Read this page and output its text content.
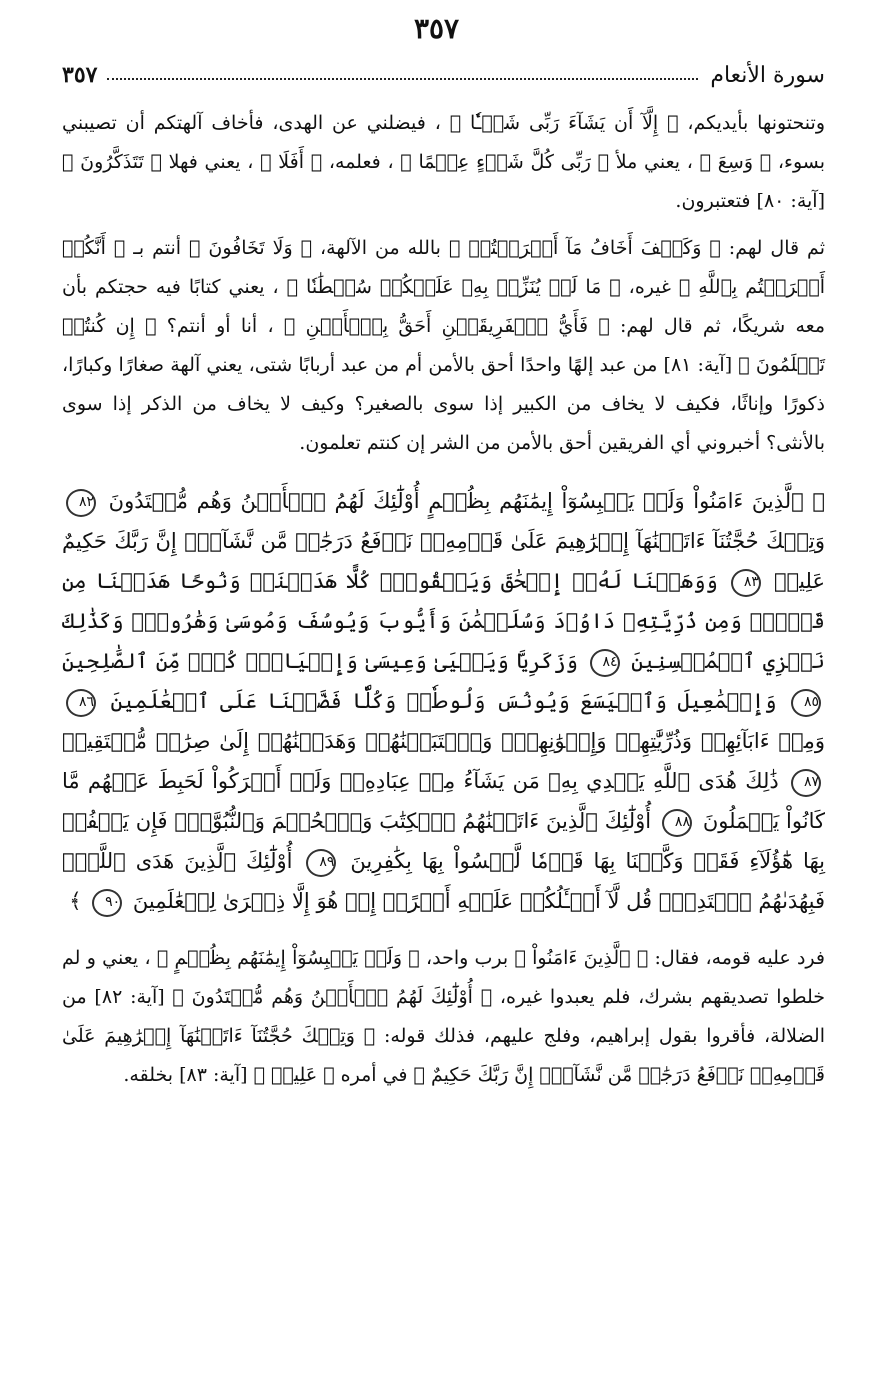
٣٥٧
سورة الأنعام
٣٥٧

وتنحتونها بأيديكم، ﴿ إِلَّآ أَن يَشَآءَ رَبِّى شَيۡـٔٗا ﴾ ، فيضلني عن الهدى، فأخاف آلهتكم أن تصيبني بسوء، ﴿ وَسِعَ ﴾ ، يعني ملأ ﴿ رَبِّى كُلَّ شَىۡءٍ عِلۡمًا ﴾ ، فعلمه، ﴿ أَفَلَا ﴾ ، يعني فهلا ﴿ تَتَذَكَّرُونَ ﴾ [آية: ٨٠] فتعتبرون.

ثم قال لهم: ﴿ وَكَيۡفَ أَخَافُ مَآ أَشۡرَكۡتُمۡ ﴾ بالله من الآلهة، ﴿ وَلَا تَخَافُونَ ﴾ أنتم بـ ﴿ أَنَّكُمۡ أَشۡرَكۡتُم بِٱللَّهِ ﴾ غيره، ﴿ مَا لَمۡ يُنَزِّلۡ بِهِۦ عَلَيۡكُمۡ سُلۡطَٰنٗا ﴾ ، يعني كتابًا فيه حجتكم بأن معه شريكًا، ثم قال لهم: ﴿ فَأَيُّ ٱلۡفَرِيقَيۡنِ أَحَقُّ بِٱلۡأَمۡنِ ﴾ ، أنا أو أنتم؟ ﴿ إِن كُنتُمۡ تَعۡلَمُونَ ﴾ [آية: ٨١] من عبد إلهًا واحدًا أحق بالأمن أم من عبد أربابًا شتى، يعني آلهة صغارًا وكبارًا، ذكورًا وإناثًا، فكيف لا يخاف من الكبير إذا سوى بالصغير؟ وكيف لا يخاف من الذكر إذا سوى بالأنثى؟ أخبروني أي الفريقين أحق بالأمن من الشر إن كنتم تعلمون.

﴿ ٱلَّذِينَ ءَامَنُواْ وَلَمۡ يَلۡبِسُوٓاْ إِيمَٰنَهُم بِظُلۡمٍ أُوْلَٰٓئِكَ لَهُمُ ٱلۡأَمۡنُ وَهُم مُّهۡتَدُونَ ٨٢ وَتِلۡكَ حُجَّتُنَآ ءَاتَيۡنَٰهَآ إِبۡرَٰهِيمَ عَلَىٰ قَوۡمِهِۦۚ نَرۡفَعُ دَرَجَٰتٖ مَّن نَّشَآءُۗ إِنَّ رَبَّكَ حَكِيمٌ عَلِيمٞ ٨٣ وَوَهَبۡنَا لَهُۥٓ إِسۡحَٰقَ وَيَعۡقُوبَۚ كُلًّا هَدَيۡنَاۚ وَنُوحًا هَدَيۡنَا مِن قَبۡلُۖ وَمِن ذُرِّيَّتِهِۦ دَاوُۥدَ وَسُلَيۡمَٰنَ وَأَيُّوبَ وَيُوسُفَ وَمُوسَىٰ وَهَٰرُونَۚ وَكَذَٰلِكَ نَجۡزِي ٱلۡمُحۡسِنِينَ ٨٤ وَزَكَرِيَّا وَيَحۡيَىٰ وَعِيسَىٰ وَإِلۡيَاسَۖ كُلّٞ مِّنَ ٱلصَّٰلِحِينَ ٨٥ وَإِسۡمَٰعِيلَ وَٱلۡيَسَعَ وَيُونُسَ وَلُوطٗاۚ وَكُلّٗا فَضَّلۡنَا عَلَى ٱلۡعَٰلَمِينَ ٨٦ وَمِنۡ ءَابَآئِهِمۡ وَذُرِّيَّٰتِهِمۡ وَإِخۡوَٰنِهِمۡۖ وَٱجۡتَبَيۡنَٰهُمۡ وَهَدَيۡنَٰهُمۡ إِلَىٰ صِرَٰطٖ مُّسۡتَقِيمٖ ٨٧ ذَٰلِكَ هُدَى ٱللَّهِ يَهۡدِي بِهِۦ مَن يَشَآءُ مِنۡ عِبَادِهِۦۚ وَلَوۡ أَشۡرَكُواْ لَحَبِطَ عَنۡهُم مَّا كَانُواْ يَعۡمَلُونَ ٨٨ أُوْلَٰٓئِكَ ٱلَّذِينَ ءَاتَيۡنَٰهُمُ ٱلۡكِتَٰبَ وَٱلۡحُكۡمَ وَٱلنُّبُوَّةَۚ فَإِن يَكۡفُرۡ بِهَا هَٰٓؤُلَآءِ فَقَدۡ وَكَّلۡنَا بِهَا قَوۡمٗا لَّيۡسُواْ بِهَا بِكَٰفِرِينَ ٨٩ أُوْلَٰٓئِكَ ٱلَّذِينَ هَدَى ٱللَّهُۖ فَبِهُدَىٰهُمُ ٱقۡتَدِهۡۗ قُل لَّآ أَسۡـَٔلُكُمۡ عَلَيۡهِ أَجۡرًاۖ إِنۡ هُوَ إِلَّا ذِكۡرَىٰ لِلۡعَٰلَمِينَ ٩٠ ﴾

فرد عليه قومه، فقال: ﴿ ٱلَّذِينَ ءَامَنُواْ ﴾ برب واحد، ﴿ وَلَمۡ يَلۡبِسُوٓاْ إِيمَٰنَهُم بِظُلۡمٍ ﴾ ، يعني و لم خلطوا تصديقهم بشرك، فلم يعبدوا غيره، ﴿ أُوْلَٰٓئِكَ لَهُمُ ٱلۡأَمۡنُ وَهُم مُّهۡتَدُونَ ﴾ [آية: ٨٢] من الضلالة، فأقروا بقول إبراهيم، وفلج عليهم، فذلك قوله: ﴿ وَتِلۡكَ حُجَّتُنَآ ءَاتَيۡنَٰهَآ إِبۡرَٰهِيمَ عَلَىٰ قَوۡمِهِۦۚ نَرۡفَعُ دَرَجَٰتٖ مَّن نَّشَآءُۗ إِنَّ رَبَّكَ حَكِيمٌ ﴾ في أمره ﴿ عَلِيمٞ ﴾ [آية: ٨٣] بخلقه.
